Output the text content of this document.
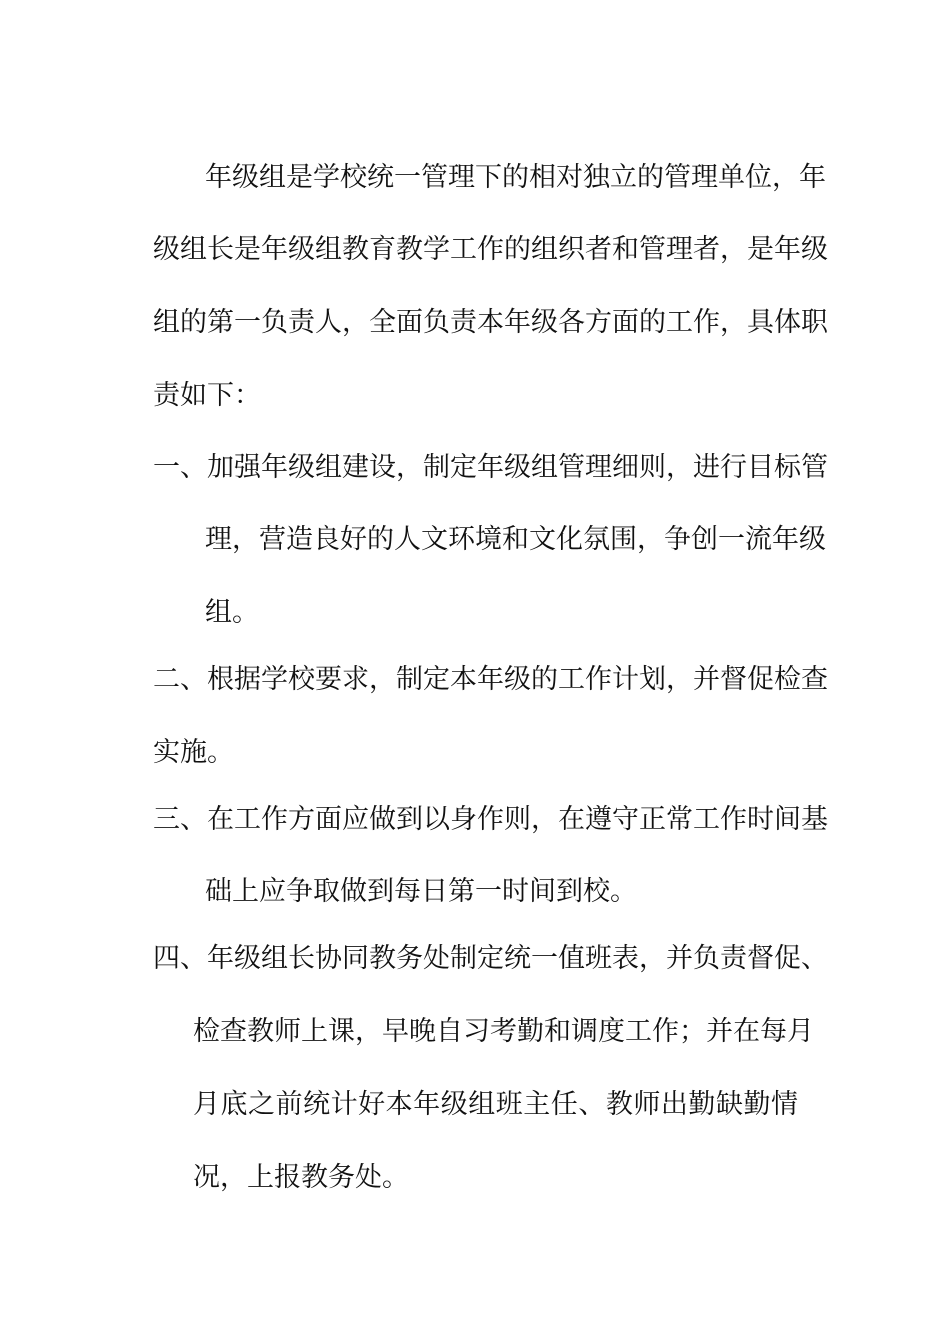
年级组是学校统一管理下的相对独立的管理单位，年
级组长是年级组教育教学工作的组织者和管理者，是年级
组的第一负责人，全面负责本年级各方面的工作，具体职
责如下：
一、加强年级组建设，制定年级组管理细则，进行目标管
理，营造良好的人文环境和文化氛围，争创一流年级
组。
二、根据学校要求，制定本年级的工作计划，并督促检查
实施。
三、在工作方面应做到以身作则，在遵守正常工作时间基
础上应争取做到每日第一时间到校。
四、年级组长协同教务处制定统一值班表，并负责督促、
检查教师上课，早晚自习考勤和调度工作；并在每月
月底之前统计好本年级组班主任、教师出勤缺勤情
况，上报教务处。
